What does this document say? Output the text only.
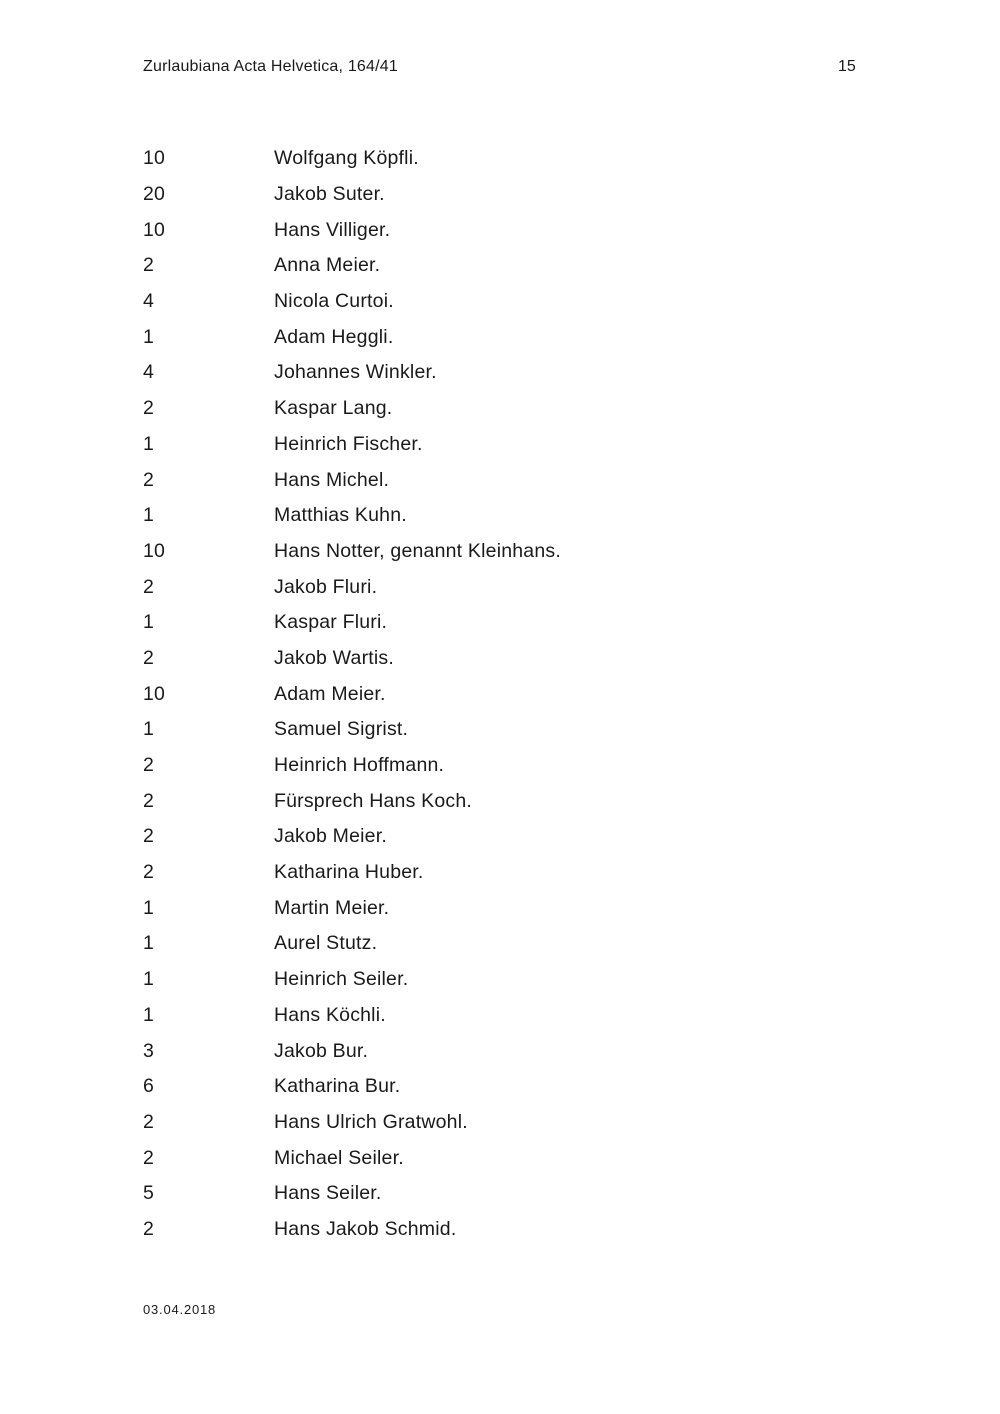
Zurlaubiana Acta Helvetica, 164/41	15
10	Wolfgang Köpfli.
20	Jakob Suter.
10	Hans Villiger.
2	Anna Meier.
4	Nicola Curtoi.
1	Adam Heggli.
4	Johannes Winkler.
2	Kaspar Lang.
1	Heinrich Fischer.
2	Hans Michel.
1	Matthias Kuhn.
10	Hans Notter, genannt Kleinhans.
2	Jakob Fluri.
1	Kaspar Fluri.
2	Jakob Wartis.
10	Adam Meier.
1	Samuel Sigrist.
2	Heinrich Hoffmann.
2	Fürsprech Hans Koch.
2	Jakob Meier.
2	Katharina Huber.
1	Martin Meier.
1	Aurel Stutz.
1	Heinrich Seiler.
1	Hans Köchli.
3	Jakob Bur.
6	Katharina Bur.
2	Hans Ulrich Gratwohl.
2	Michael Seiler.
5	Hans Seiler.
2	Hans Jakob Schmid.
03.04.2018
